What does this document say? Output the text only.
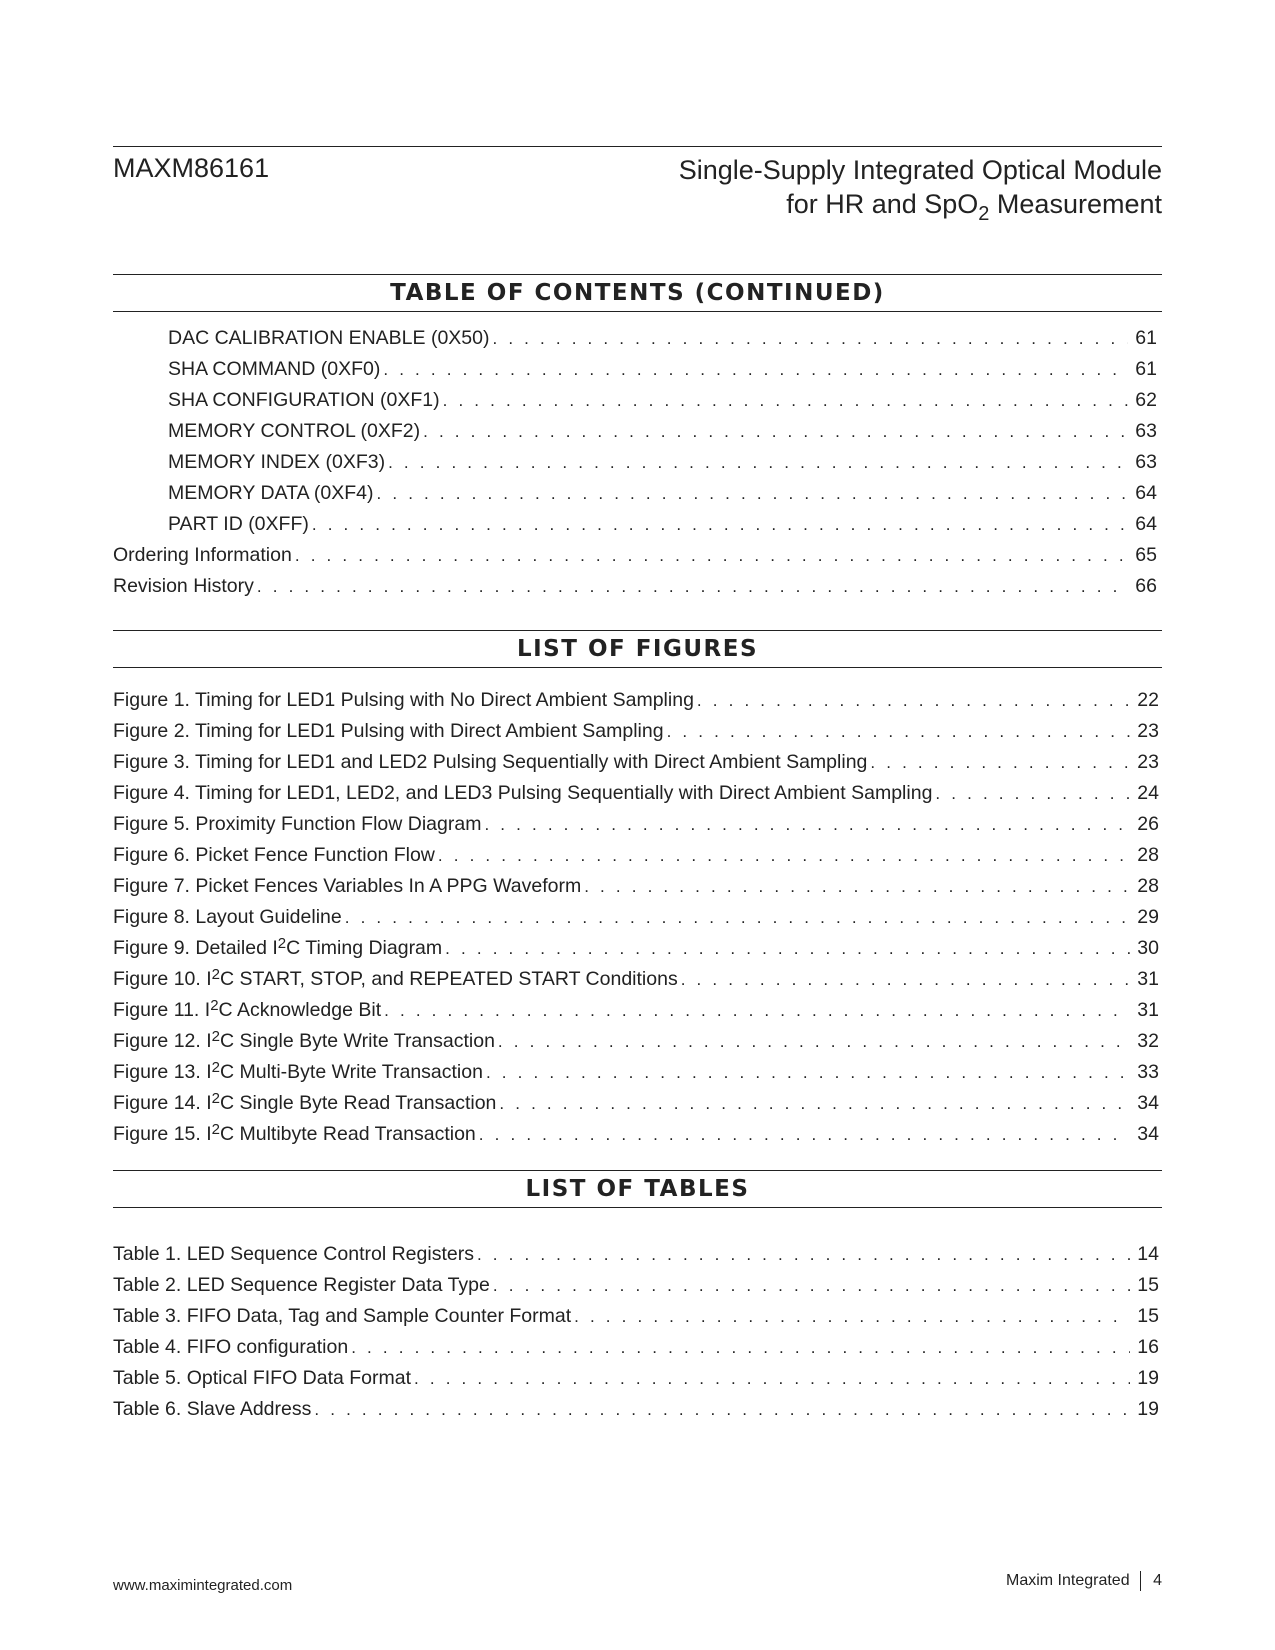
MAXM86161	Single-Supply Integrated Optical Module
for HR and SpO$_2$ Measurement
TABLE OF CONTENTS (CONTINUED)
DAC CALIBRATION ENABLE (0X50) . . .	61
SHA COMMAND (0XF0) . . .	61
SHA CONFIGURATION (0XF1) . . .	62
MEMORY CONTROL (0XF2) . . .	63
MEMORY INDEX (0XF3) . . .	63
MEMORY DATA (0XF4) . . .	64
PART ID (0XFF) . . .	64
Ordering Information . . .	65
Revision History . . .	66
LIST OF FIGURES
Figure 1. Timing for LED1 Pulsing with No Direct Ambient Sampling . . .	22
Figure 2. Timing for LED1 Pulsing with Direct Ambient Sampling . . .	23
Figure 3. Timing for LED1 and LED2 Pulsing Sequentially with Direct Ambient Sampling . . .	23
Figure 4. Timing for LED1, LED2, and LED3 Pulsing Sequentially with Direct Ambient Sampling . . .	24
Figure 5. Proximity Function Flow Diagram . . .	26
Figure 6. Picket Fence Function Flow . . .	28
Figure 7. Picket Fences Variables In A PPG Waveform . . .	28
Figure 8. Layout Guideline . . .	29
Figure 9. Detailed $I^2C$ Timing Diagram . . .	30
Figure 10. $I^2C$ START, STOP, and REPEATED START Conditions . . .	31
Figure 11. $I^2C$ Acknowledge Bit . . .	31
Figure 12. $I^2C$ Single Byte Write Transaction . . .	32
Figure 13. $I^2C$ Multi-Byte Write Transaction . . .	33
Figure 14. $I^2C$ Single Byte Read Transaction . . .	34
Figure 15. $I^2C$ Multibyte Read Transaction . . .	34
LIST OF TABLES
Table 1. LED Sequence Control Registers . . .	14
Table 2. LED Sequence Register Data Type . . .	15
Table 3. FIFO Data, Tag and Sample Counter Format . . .	15
Table 4. FIFO configuration . . .	16
Table 5. Optical FIFO Data Format . . .	19
Table 6. Slave Address . . .	19
www.maximintegrated.com	Maxim Integrated 4
